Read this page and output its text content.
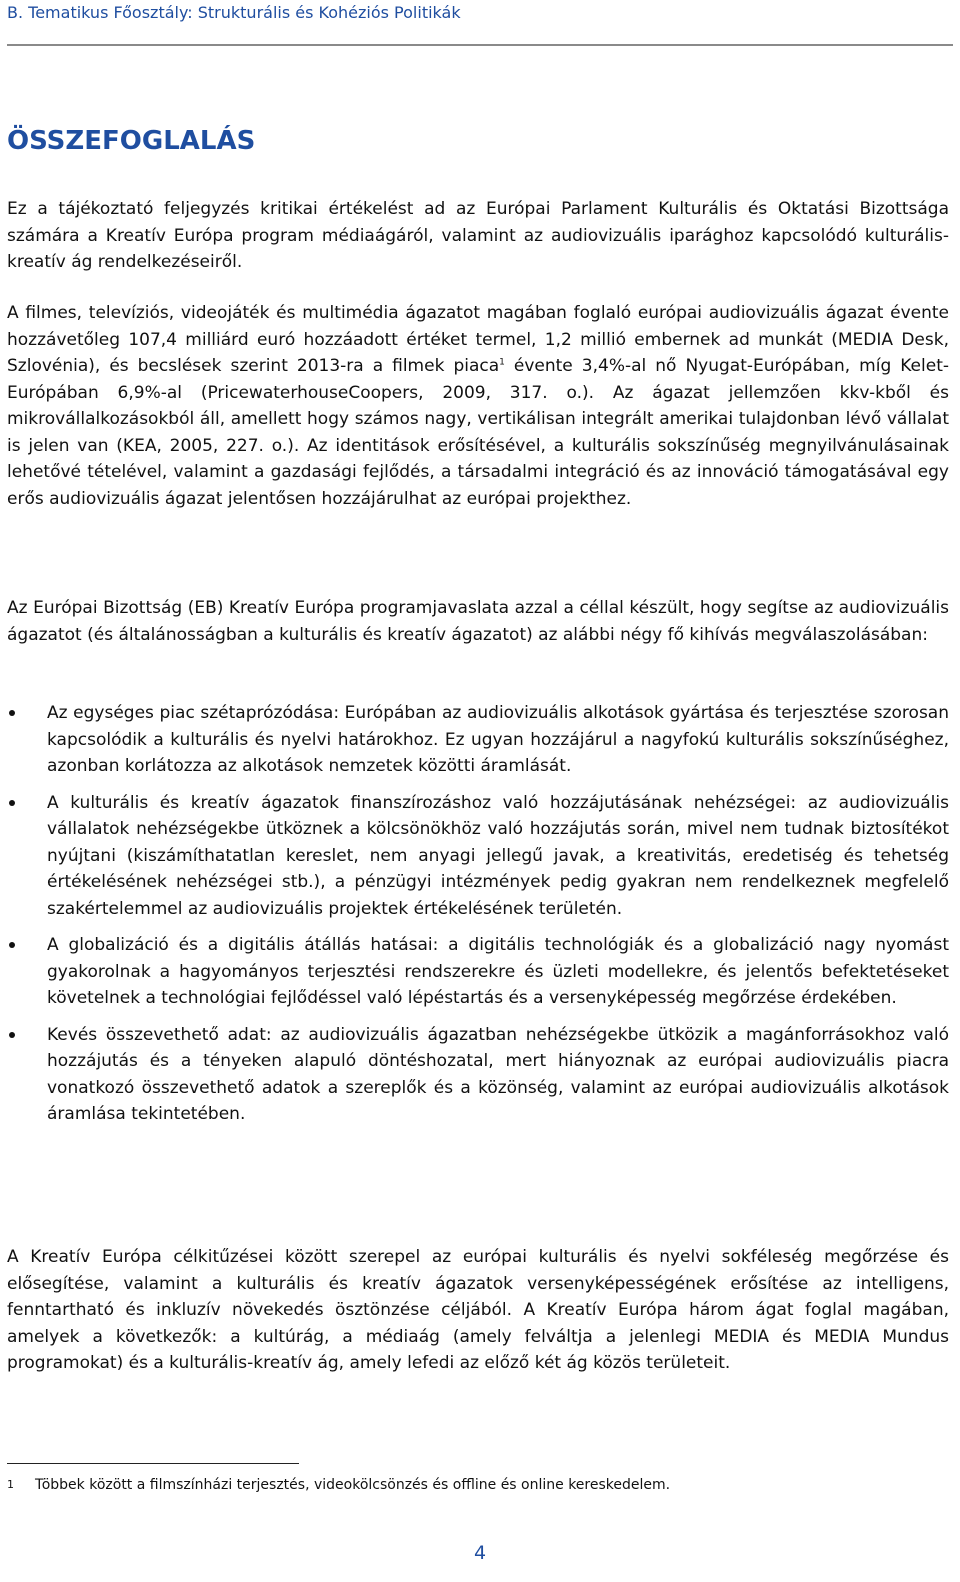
B. Tematikus Főosztály: Strukturális és Kohéziós Politikák
ÖSSZEFOGLALÁS

Ez a tájékoztató feljegyzés kritikai értékelést ad az Európai Parlament Kulturális és Oktatási Bizottsága számára a Kreatív Európa program médiaágáról, valamint az audiovizuális iparághoz kapcsolódó kulturális-kreatív ág rendelkezéseiről.

A filmes, televíziós, videojáték és multimédia ágazatot magában foglaló európai audiovizuális ágazat évente hozzávetőleg 107,4 milliárd euró hozzáadott értéket termel, 1,2 millió embernek ad munkát (MEDIA Desk, Szlovénia), és becslések szerint 2013-ra a filmek piaca$^1$ évente 3,4%-al nő Nyugat-Európában, míg Kelet-Európában 6,9%-al (PricewaterhouseCoopers, 2009, 317. o.). Az ágazat jellemzően kkv-kből és mikrovállalkozásokból áll, amellett hogy számos nagy, vertikálisan integrált amerikai tulajdonban lévő vállalat is jelen van (KEA, 2005, 227. o.). Az identitások erősítésével, a kulturális sokszínűség megnyilvánulásainak lehetővé tételével, valamint a gazdasági fejlődés, a társadalmi integráció és az innováció támogatásával egy erős audiovizuális ágazat jelentősen hozzájárulhat az európai projekthez.

Az Európai Bizottság (EB) Kreatív Európa programjavaslata azzal a céllal készült, hogy segítse az audiovizuális ágazatot (és általánosságban a kulturális és kreatív ágazatot) az alábbi négy fő kihívás megválaszolásában:

Az egységes piac szétaprózódása: Európában az audiovizuális alkotások gyártása és terjesztése szorosan kapcsolódik a kulturális és nyelvi határokhoz. Ez ugyan hozzájárul a nagyfokú kulturális sokszínűséghez, azonban korlátozza az alkotások nemzetek közötti áramlását.
A kulturális és kreatív ágazatok finanszírozáshoz való hozzájutásának nehézségei: az audiovizuális vállalatok nehézségekbe ütköznek a kölcsönökhöz való hozzájutás során, mivel nem tudnak biztosítékot nyújtani (kiszámíthatatlan kereslet, nem anyagi jellegű javak, a kreativitás, eredetiség és tehetség értékelésének nehézségei stb.), a pénzügyi intézmények pedig gyakran nem rendelkeznek megfelelő szakértelemmel az audiovizuális projektek értékelésének területén.
A globalizáció és a digitális átállás hatásai: a digitális technológiák és a globalizáció nagy nyomást gyakorolnak a hagyományos terjesztési rendszerekre és üzleti modellekre, és jelentős befektetéseket követelnek a technológiai fejlődéssel való lépéstartás és a versenyképesség megőrzése érdekében.
Kevés összevethető adat: az audiovizuális ágazatban nehézségekbe ütközik a magánforrásokhoz való hozzájutás és a tényeken alapuló döntéshozatal, mert hiányoznak az európai audiovizuális piacra vonatkozó összevethető adatok a szereplők és a közönség, valamint az európai audiovizuális alkotások áramlása tekintetében.

A Kreatív Európa célkitűzései között szerepel az európai kulturális és nyelvi sokféleség megőrzése és elősegítése, valamint a kulturális és kreatív ágazatok versenyképességének erősítése az intelligens, fenntartható és inkluzív növekedés ösztönzése céljából. A Kreatív Európa három ágat foglal magában, amelyek a következők: a kultúrág, a médiaág (amely felváltja a jelenlegi MEDIA és MEDIA Mundus programokat) és a kulturális-kreatív ág, amely lefedi az előző két ág közös területeit.

1 Többek között a filmszínházi terjesztés, videokölcsönzés és offline és online kereskedelem.
4
